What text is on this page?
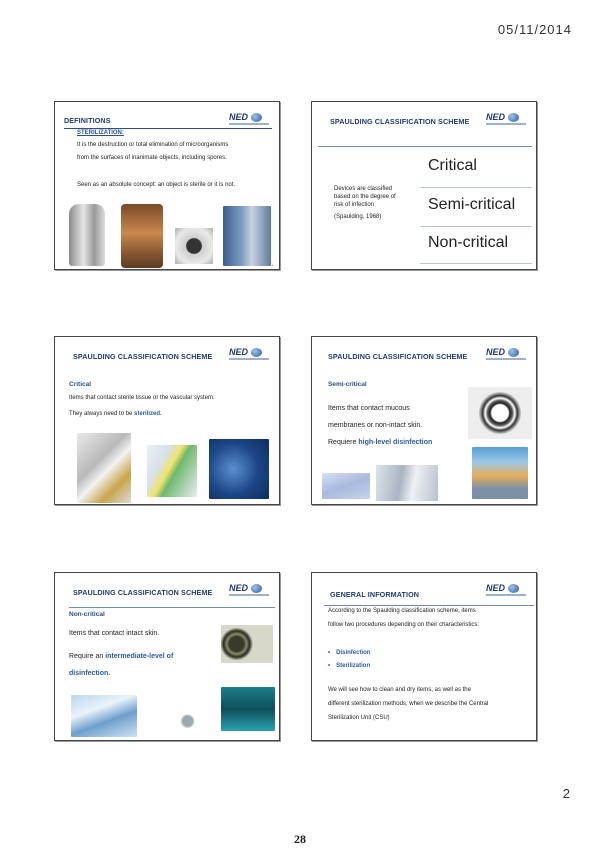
05/11/2014
DEFINITIONS	NED
STERILIZATION:
It is the destruction or total elimination of microorganisms
from the surfaces of inanimate objects, including spores.
Seen as an absolute concept: an object is sterile or it is not.
1
SPAULDING CLASSIFICATION SCHEME NED
Devices are classified
based on the degree of
risk of infection
(Spaulding, 1968)
Critical
Semi-critical
Non-critical
SPAULDING CLASSIFICATION SCHEME NED
Critical
Items that contact sterile tissue or the vascular system.
They always need to be sterilized.
SPAULDING CLASSIFICATION SCHEME NED
Semi-critical
Items that contact mucous
membranes or non-intact skin.
Requiere high-level disinfection
SPAULDING CLASSIFICATION SCHEME NED
Non-critical
Items that contact intact skin.
Require an intermediate-level of
disinfection.
GENERAL INFORMATION
NED
According to the Spaulding classification scheme, items
follow two procedures depending on their characteristics:
• Disinfection
• Sterilization
We will see how to clean and dry items, as well as the
different sterilization methods, when we describe the Central
Sterilization Unit (CSU)
2
28
